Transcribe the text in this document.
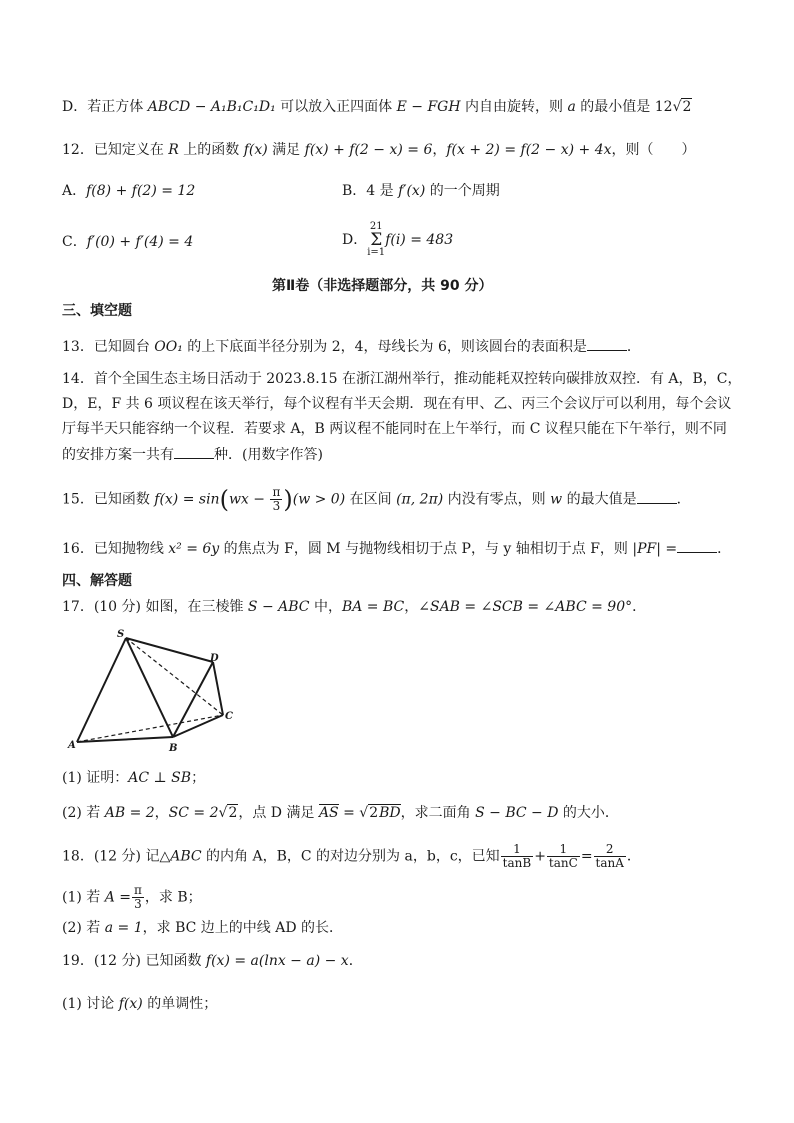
D．若正方体 ABCD − A₁B₁C₁D₁ 可以放入正四面体 E − FGH 内自由旋转，则 a 的最小值是 12√2
12．已知定义在 R 上的函数 f(x) 满足 f(x) + f(2 − x) = 6，f(x + 2) = f(2 − x) + 4x，则（　　）
A．f(8) + f(2) = 12	B．4 是 f′(x) 的一个周期
C．f′(0) + f′(4) = 4	D．21
Σ
i=1f(i) = 483
第Ⅱ卷（非选择题部分，共 90 分）
三、填空题
13．已知圆台 OO₁ 的上下底面半径分别为 2，4，母线长为 6，则该圆台的表面积是	．
14．首个全国生态主场日活动于 2023.8.15 在浙江湖州举行，推动能耗双控转向碳排放双控．有 A，B，C，
D，E，F 共 6 项议程在该天举行，每个议程有半天会期．现在有甲、乙、丙三个会议厅可以利用，每个会议
厅每半天只能容纳一个议程．若要求 A，B 两议程不能同时在上午举行，而 C 议程只能在下午举行，则不同
的安排方案一共有	种．(用数字作答)
15．已知函数 $f(x) = \sin(wx - \frac{\pi}{3} )(w > 0)$ 在区间 (π, 2π) 内没有零点，则 w 的最大值是	．
16．已知抛物线 x² = 6y 的焦点为 F，圆 M 与抛物线相切于点 P，与 y 轴相切于点 F，则 |PF| =	．
四、解答题
17．(10 分) 如图，在三棱锥 S − ABC 中，BA = BC，∠SAB = ∠SCB = ∠ABC = 90°．
S
D
C
A	B
(1) 证明：AC ⊥ SB；
(2) 若 AB = 2，SC = 2√2，点 D 满足 AS = √2BD，求二面角 S − BC − D 的大小．
18．(12 分) 记△ABC 的内角 A，B，C 的对边分别为 a，b，c，已知 $\frac{1}{\tan B} + \frac{1}{\tan C} = \frac{2}{\tan A}$ ．
(1) 若 $A = \frac{\pi}{3}$ ，求 B；
(2) 若 a = 1，求 BC 边上的中线 AD 的长．
19．(12 分) 已知函数 f(x) = a(lnx − a) − x．
(1) 讨论 f(x) 的单调性；
